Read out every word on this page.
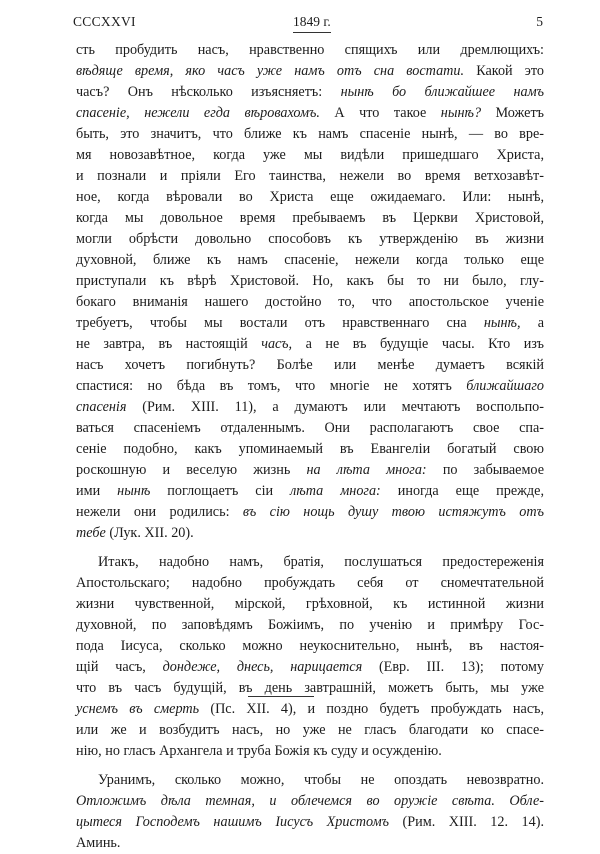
CCCXXVI	1849 г.	5
сть пробудить насъ, нравственно спящихъ или дремлющихъ:
вѣдяще время, яко часъ уже намъ отъ сна востати. Какой это
часъ? Онъ нѣсколько изъясняетъ: нынѣ бо ближайшее намъ
спасеніе, нежели егда вѣровахомъ. А что такое нынѣ? Можетъ
быть, это значитъ, что ближе къ намъ спасеніе нынѣ, — во вре-
мя новозавѣтное, когда уже мы видѣли пришедшаго Христа,
и познали и пріяли Его таинства, нежели во время ветхозавѣт-
ное, когда вѣровали во Христа еще ожидаемаго. Или: нынѣ,
когда мы довольное время пребываемъ въ Церкви Христовой,
могли обрѣсти довольно способовъ къ утвержденію въ жизни
духовной, ближе къ намъ спасеніе, нежели когда только еще
приступали къ вѣрѣ Христовой. Но, какъ бы то ни было, глу-
бокаго вниманія нашего достойно то, что апостольское ученіе
требуетъ, чтобы мы востали отъ нравственнаго сна нынѣ, а
не завтра, въ настоящій часъ, а не въ будущіе часы. Кто изъ
насъ хочетъ погибнуть? Болѣе или менѣе думаетъ всякій
спастися: но бѣда въ томъ, что многіе не хотятъ ближайшаго
спасенія (Рим. XIII. 11), а думаютъ или мечтаютъ воспольпо-
ваться спасеніемъ отдаленнымъ. Они располагаютъ свое спа-
сеніе подобно, какъ упоминаемый въ Евангеліи богатый свою
роскошную и веселую жизнь на лѣта многа: по забываемое
ими нынѣ поглощаетъ сіи лѣта многа: иногда еще прежде,
нежели они родились: въ сію нощь душу твою истяжутъ отъ
тебе (Лук. XII. 20).
Итакъ, надобно намъ, братія, послушаться предостереженія
Апостольскаго; надобно пробуждать себя от сномечтательной
жизни чувственной, мірской, грѣховной, къ истинной жизни
духовной, по заповѣдямъ Божіимъ, по ученію и примѣру Гос-
пода Іисуса, сколько можно неукоснительно, нынѣ, въ настоя-
щій часъ, дондеже, днесь, нарицается (Евр. III. 13); потому
что въ часъ будущій, въ день завтрашній, можетъ быть, мы уже
уснемъ въ смерть (Пс. XII. 4), и поздно будетъ пробуждать насъ,
или же и возбудитъ насъ, но уже не гласъ благодати ко спасе-
нію, но гласъ Архангела и труба Божія къ суду и осужденію.
Уранимъ, сколько можно, чтобы не опоздать невозвратно.
Отложимъ дѣла темная, и облечемся во оружіе свѣта. Обле-
цытеся Господемъ нашимъ Іисусъ Христомъ (Рим. XIII. 12. 14).
Аминь.
